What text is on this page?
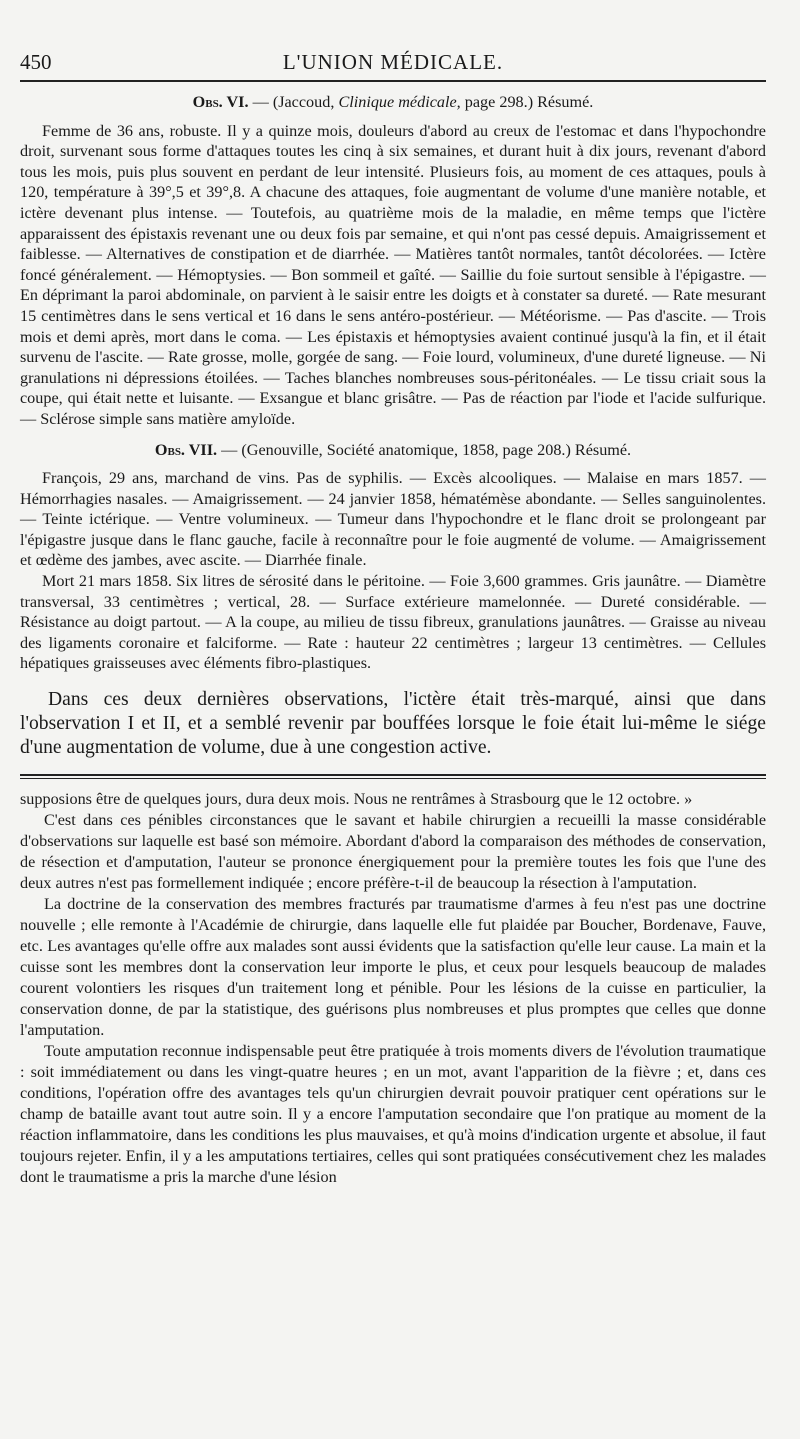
450	L'UNION MÉDICALE.
Obs. VI. — (Jaccoud, Clinique médicale, page 298.) Résumé.

Femme de 36 ans, robuste. Il y a quinze mois, douleurs d'abord au creux de l'estomac et dans l'hypochondre droit, survenant sous forme d'attaques toutes les cinq à six semaines, et durant huit à dix jours, revenant d'abord tous les mois, puis plus souvent en perdant de leur intensité. Plusieurs fois, au moment de ces attaques, pouls à 120, température à 39°,5 et 39°,8. A chacune des attaques, foie augmentant de volume d'une manière notable, et ictère devenant plus intense. — Toutefois, au quatrième mois de la maladie, en même temps que l'ictère apparaissent des épistaxis revenant une ou deux fois par semaine, et qui n'ont pas cessé depuis. Amaigrissement et faiblesse. — Alternatives de constipation et de diarrhée. — Matières tantôt normales, tantôt décolorées. — Ictère foncé généralement. — Hémoptysies. — Bon sommeil et gaîté. — Saillie du foie surtout sensible à l'épigastre. — En déprimant la paroi abdominale, on parvient à le saisir entre les doigts et à constater sa dureté. — Rate mesurant 15 centimètres dans le sens vertical et 16 dans le sens antéro-postérieur. — Météorisme. — Pas d'ascite. — Trois mois et demi après, mort dans le coma. — Les épistaxis et hémoptysies avaient continué jusqu'à la fin, et il était survenu de l'ascite. — Rate grosse, molle, gorgée de sang. — Foie lourd, volumineux, d'une dureté ligneuse. — Ni granulations ni dépressions étoilées. — Taches blanches nombreuses sous-péritonéales. — Le tissu criait sous la coupe, qui était nette et luisante. — Exsangue et blanc grisâtre. — Pas de réaction par l'iode et l'acide sulfurique. — Sclérose simple sans matière amyloïde.

Obs. VII. — (Genouville, Société anatomique, 1858, page 208.) Résumé.

François, 29 ans, marchand de vins. Pas de syphilis. — Excès alcooliques. — Malaise en mars 1857. — Hémorrhagies nasales. — Amaigrissement. — 24 janvier 1858, hématémèse abondante. — Selles sanguinolentes. — Teinte ictérique. — Ventre volumineux. — Tumeur dans l'hypochondre et le flanc droit se prolongeant par l'épigastre jusque dans le flanc gauche, facile à reconnaître pour le foie augmenté de volume. — Amaigrissement et œdème des jambes, avec ascite. — Diarrhée finale.

Mort 21 mars 1858. Six litres de sérosité dans le péritoine. — Foie 3,600 grammes. Gris jaunâtre. — Diamètre transversal, 33 centimètres ; vertical, 28. — Surface extérieure mamelonnée. — Dureté considérable. — Résistance au doigt partout. — A la coupe, au milieu de tissu fibreux, granulations jaunâtres. — Graisse au niveau des ligaments coronaire et falciforme. — Rate : hauteur 22 centimètres ; largeur 13 centimètres. — Cellules hépatiques graisseuses avec éléments fibro-plastiques.

Dans ces deux dernières observations, l'ictère était très-marqué, ainsi que dans l'observation I et II, et a semblé revenir par bouffées lorsque le foie était lui-même le siége d'une augmentation de volume, due à une congestion active.

supposions être de quelques jours, dura deux mois. Nous ne rentrâmes à Strasbourg que le 12 octobre. »

C'est dans ces pénibles circonstances que le savant et habile chirurgien a recueilli la masse considérable d'observations sur laquelle est basé son mémoire. Abordant d'abord la comparaison des méthodes de conservation, de résection et d'amputation, l'auteur se prononce énergiquement pour la première toutes les fois que l'une des deux autres n'est pas formellement indiquée ; encore préfère-t-il de beaucoup la résection à l'amputation.

La doctrine de la conservation des membres fracturés par traumatisme d'armes à feu n'est pas une doctrine nouvelle ; elle remonte à l'Académie de chirurgie, dans laquelle elle fut plaidée par Boucher, Bordenave, Fauve, etc. Les avantages qu'elle offre aux malades sont aussi évidents que la satisfaction qu'elle leur cause. La main et la cuisse sont les membres dont la conservation leur importe le plus, et ceux pour lesquels beaucoup de malades courent volontiers les risques d'un traitement long et pénible. Pour les lésions de la cuisse en particulier, la conservation donne, de par la statistique, des guérisons plus nombreuses et plus promptes que celles que donne l'amputation.

Toute amputation reconnue indispensable peut être pratiquée à trois moments divers de l'évolution traumatique : soit immédiatement ou dans les vingt-quatre heures ; en un mot, avant l'apparition de la fièvre ; et, dans ces conditions, l'opération offre des avantages tels qu'un chirurgien devrait pouvoir pratiquer cent opérations sur le champ de bataille avant tout autre soin. Il y a encore l'amputation secondaire que l'on pratique au moment de la réaction inflammatoire, dans les conditions les plus mauvaises, et qu'à moins d'indication urgente et absolue, il faut toujours rejeter. Enfin, il y a les amputations tertiaires, celles qui sont pratiquées consécutivement chez les malades dont le traumatisme a pris la marche d'une lésion
